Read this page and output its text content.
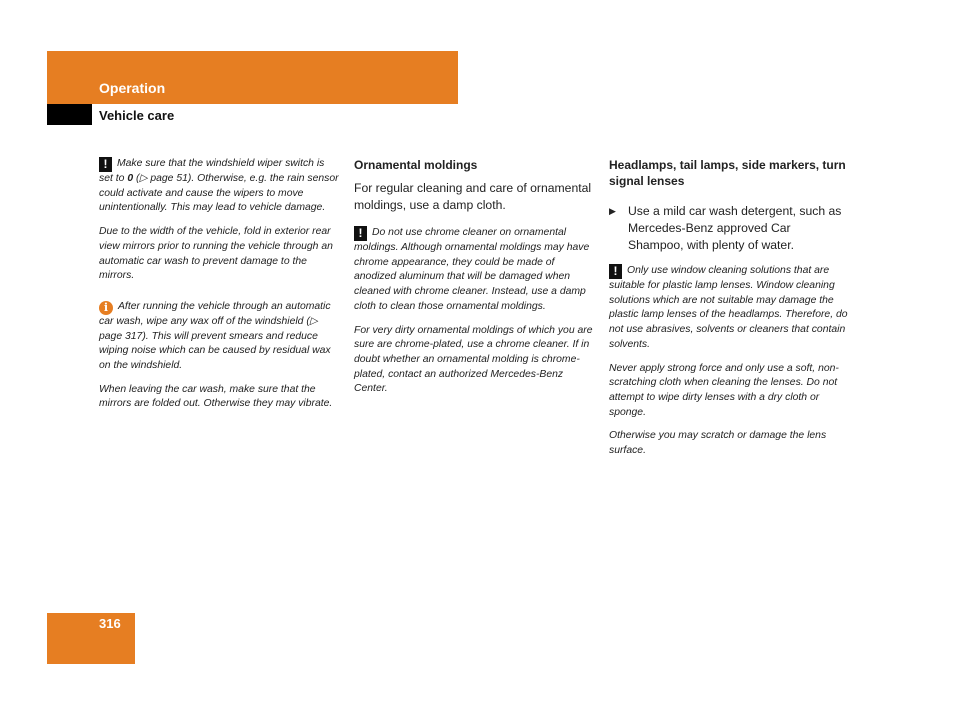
Operation
Vehicle care

! Make sure that the windshield wiper switch is set to 0 (▷ page 51). Otherwise, e.g. the rain sensor could activate and cause the wipers to move unintentionally. This may lead to vehicle damage.

Due to the width of the vehicle, fold in exterior rear view mirrors prior to running the vehicle through an automatic car wash to prevent damage to the mirrors.

i After running the vehicle through an automatic car wash, wipe any wax off of the windshield (▷ page 317). This will prevent smears and reduce wiping noise which can be caused by residual wax on the windshield.

When leaving the car wash, make sure that the mirrors are folded out. Otherwise they may vibrate.

Ornamental moldings

For regular cleaning and care of ornamental moldings, use a damp cloth.

! Do not use chrome cleaner on ornamental moldings. Although ornamental moldings may have chrome appearance, they could be made of anodized aluminum that will be damaged when cleaned with chrome cleaner. Instead, use a damp cloth to clean those ornamental moldings.

For very dirty ornamental moldings of which you are sure are chrome-plated, use a chrome cleaner. If in doubt whether an ornamental molding is chrome-plated, contact an authorized Mercedes-Benz Center.

Headlamps, tail lamps, side markers, turn signal lenses

▶ Use a mild car wash detergent, such as Mercedes-Benz approved Car Shampoo, with plenty of water.

! Only use window cleaning solutions that are suitable for plastic lamp lenses. Window cleaning solutions which are not suitable may damage the plastic lamp lenses of the headlamps. Therefore, do not use abrasives, solvents or cleaners that contain solvents.

Never apply strong force and only use a soft, non-scratching cloth when cleaning the lenses. Do not attempt to wipe dirty lenses with a dry cloth or sponge.

Otherwise you may scratch or damage the lens surface.

316
